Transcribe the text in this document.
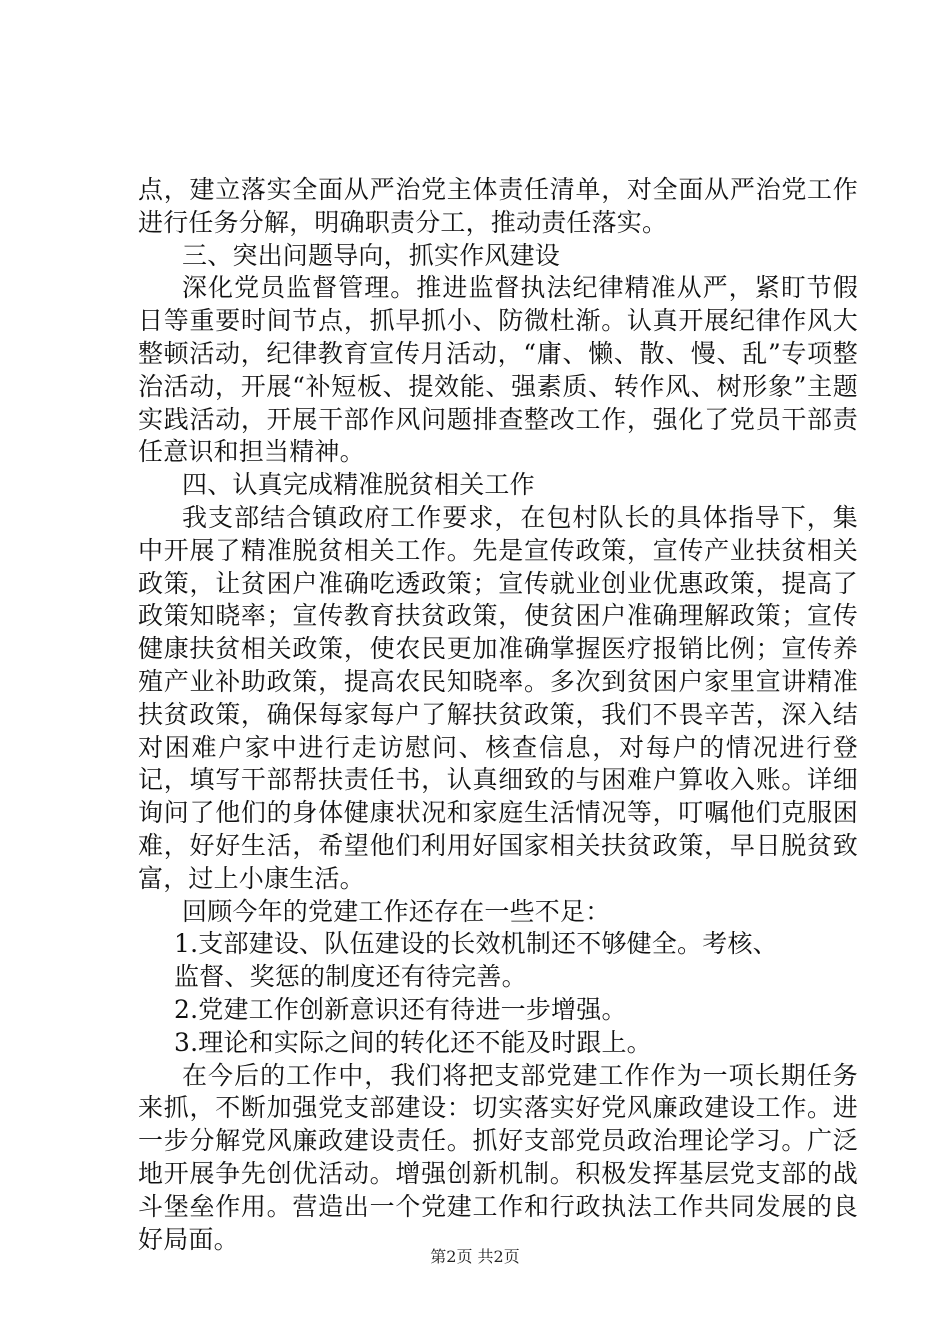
点，建立落实全面从严治党主体责任清单，对全面从严治党工作进行任务分解，明确职责分工，推动责任落实。

三、突出问题导向，抓实作风建设

深化党员监督管理。推进监督执法纪律精准从严，紧盯节假日等重要时间节点，抓早抓小、防微杜渐。认真开展纪律作风大整顿活动，纪律教育宣传月活动，“庸、懒、散、慢、乱”专项整治活动，开展“补短板、提效能、强素质、转作风、树形象”主题实践活动，开展干部作风问题排查整改工作，强化了党员干部责任意识和担当精神。

四、认真完成精准脱贫相关工作

我支部结合镇政府工作要求，在包村队长的具体指导下，集中开展了精准脱贫相关工作。先是宣传政策，宣传产业扶贫相关政策，让贫困户准确吃透政策；宣传就业创业优惠政策，提高了政策知晓率；宣传教育扶贫政策，使贫困户准确理解政策；宣传健康扶贫相关政策，使农民更加准确掌握医疗报销比例；宣传养殖产业补助政策，提高农民知晓率。多次到贫困户家里宣讲精准扶贫政策，确保每家每户了解扶贫政策，我们不畏辛苦，深入结对困难户家中进行走访慰问、核查信息，对每户的情况进行登记，填写干部帮扶责任书，认真细致的与困难户算收入账。详细询问了他们的身体健康状况和家庭生活情况等，叮嘱他们克服困难，好好生活，希望他们利用好国家相关扶贫政策，早日脱贫致富，过上小康生活。

回顾今年的党建工作还存在一些不足：

1.支部建设、队伍建设的长效机制还不够健全。考核、

监督、奖惩的制度还有待完善。

2.党建工作创新意识还有待进一步增强。

3.理论和实际之间的转化还不能及时跟上。

在今后的工作中，我们将把支部党建工作作为一项长期任务来抓，不断加强党支部建设：切实落实好党风廉政建设工作。进一步分解党风廉政建设责任。抓好支部党员政治理论学习。广泛地开展争先创优活动。增强创新机制。积极发挥基层党支部的战斗堡垒作用。营造出一个党建工作和行政执法工作共同发展的良好局面。

第2页 共2页
